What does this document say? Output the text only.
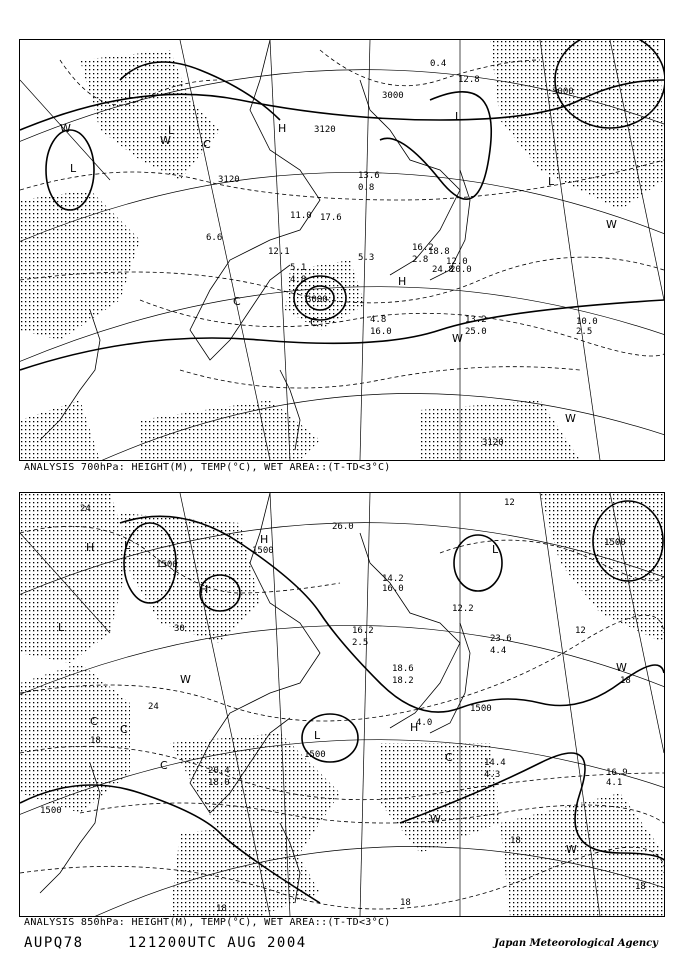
3000
3120
3120
3000
3000
3120
L
L
L	H
L
W
C
W
W
W
H
L
C
W
C
12.8
0.4
16.2
2.8
5.1
4.8
13.2
25.0
10.0
2.5
17.6
13.6
0.8
5.3
18.8
20.0
24.8
12.0
4.8
16.0
11.0
12.1
6.6
ANALYSIS 700hPa: HEIGHT(M), TEMP(°C), WET AREA::(T-TD<3°C)
1500
1500
1500
1500
1500
1500
24
30
24
18
12
18
18
18
18
18
12
H	L
H
L
L
C
C
H
W
W
W
C
L
H
C
W
14.2
16.0
16.2
2.5
18.6
18.2
4.0
14.4
4.3	16.9
4.1
20.4
18.0
23.6
4.4
26.0
12.2
ANALYSIS 850hPa: HEIGHT(M), TEMP(°C), WET AREA::(T-TD<3°C)
AUPQ78	121200UTC AUG 2004	Japan Meteorological Agency
